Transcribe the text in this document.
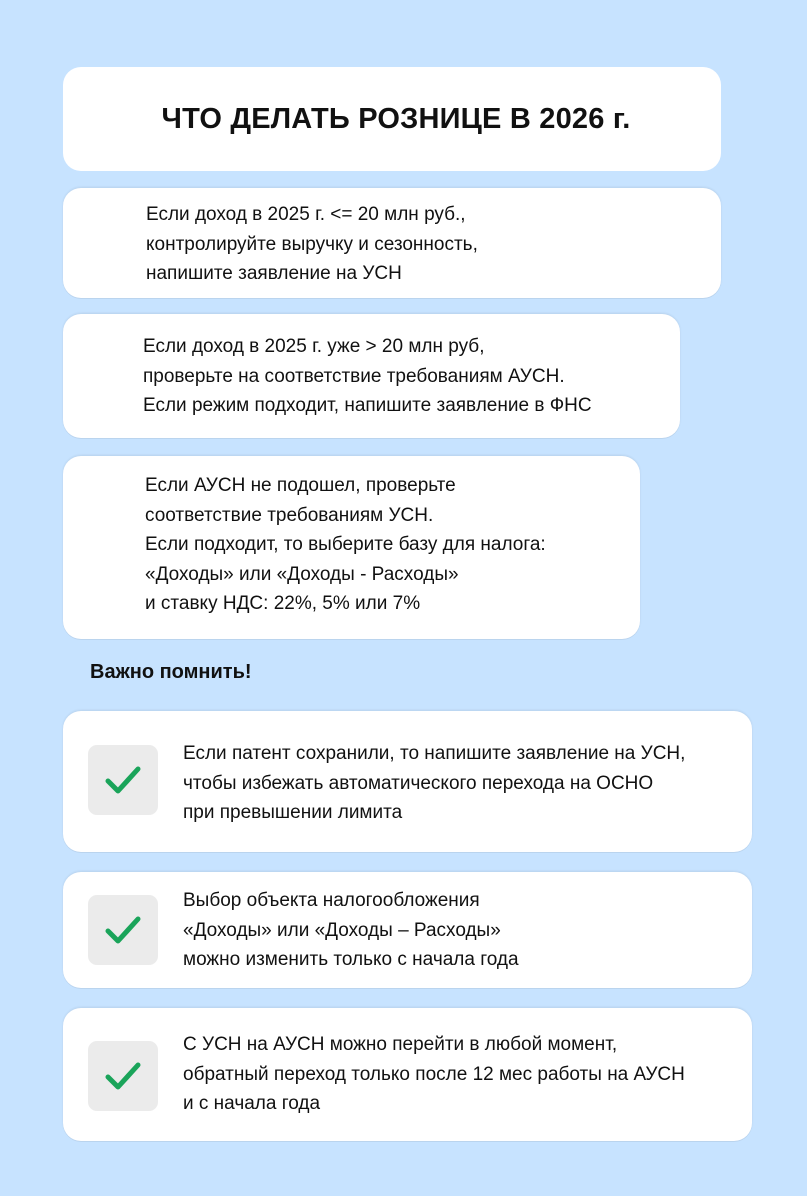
ЧТО ДЕЛАТЬ РОЗНИЦЕ В 2026 г.

Если доход в 2025 г. <= 20 млн руб.,
контролируйте выручку и сезонность,
напишите заявление на УСН

Если доход в 2025 г. уже > 20 млн руб,
проверьте на соответствие требованиям АУСН.
Если режим подходит, напишите заявление в ФНС

Если АУСН не подошел, проверьте
соответствие требованиям УСН.
Если подходит, то выберите базу для налога:
«Доходы» или «Доходы - Расходы»
и ставку НДС: 22%, 5% или 7%

Важно помнить!

Если патент сохранили, то напишите заявление на УСН,
чтобы избежать автоматического перехода на ОСНО
при превышении лимита

Выбор объекта налогообложения
«Доходы» или «Доходы – Расходы»
можно изменить только с начала года

С УСН на АУСН можно перейти в любой момент,
обратный переход только после 12 мес работы на АУСН
и с начала года
